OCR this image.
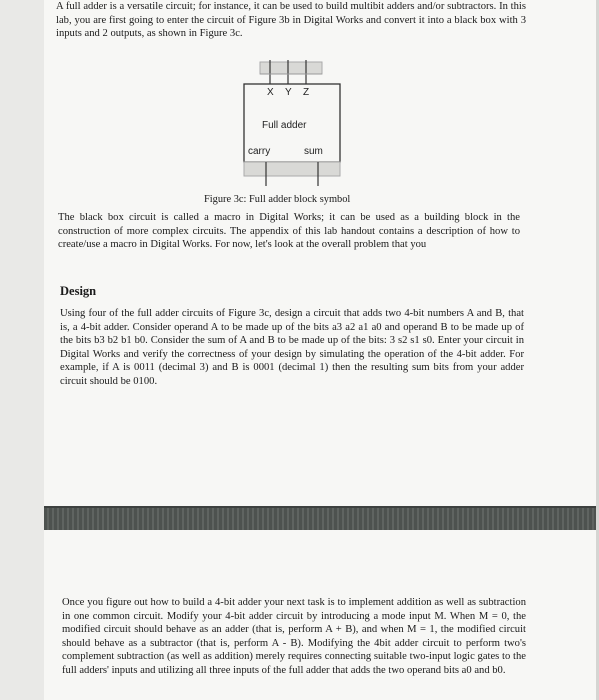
A full adder is a versatile circuit; for instance, it can be used to build multibit adders and/or subtractors. In this lab, you are first going to enter the circuit of Figure 3b in Digital Works and convert it into a black box with 3 inputs and 2 outputs, as shown in Figure 3c.

X Y Z
Full adder
carry	sum

Figure 3c: Full adder block symbol

The black box circuit is called a macro in Digital Works; it can be used as a building block in the construction of more complex circuits. The appendix of this lab handout contains a description of how to create/use a macro in Digital Works. For now, let's look at the overall problem that you

Design

Using four of the full adder circuits of Figure 3c, design a circuit that adds two 4-bit numbers A and B, that is, a 4-bit adder. Consider operand A to be made up of the bits a3 a2 a1 a0 and operand B to be made up of the bits b3 b2 b1 b0. Consider the sum of A and B to be made up of the bits: 3 s2 s1 s0. Enter your circuit in Digital Works and verify the correctness of your design by simulating the operation of the 4-bit adder. For example, if A is 0011 (decimal 3) and B is 0001 (decimal 1) then the resulting sum bits from your adder circuit should be 0100.

Once you figure out how to build a 4-bit adder your next task is to implement addition as well as subtraction in one common circuit. Modify your 4-bit adder circuit by introducing a mode input M. When M = 0, the modified circuit should behave as an adder (that is, perform A + B), and when M = 1, the modified circuit should behave as a subtractor (that is, perform A - B). Modifying the 4bit adder circuit to perform two's complement subtraction (as well as addition) merely requires connecting suitable two-input logic gates to the full adders' inputs and utilizing all three inputs of the full adder that adds the two operand bits a0 and b0.
